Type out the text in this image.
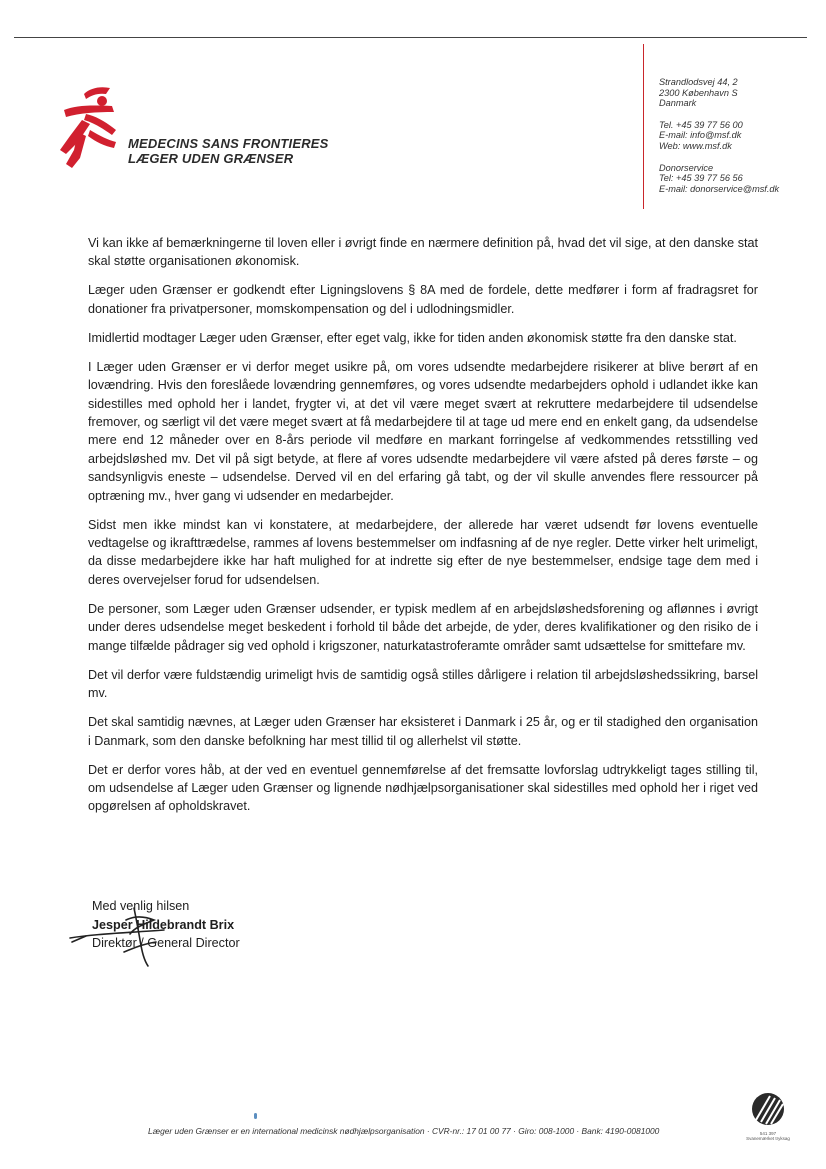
MEDECINS SANS FRONTIERES
LÆGER UDEN GRÆNSER
Strandlodsvej 44, 2
2300 København S
Danmark
Tel. +45 39 77 56 00
E-mail: info@msf.dk
Web: www.msf.dk
Donorservice
Tel: +45 39 77 56 56
E-mail: donorservice@msf.dk

Vi kan ikke af bemærkningerne til loven eller i øvrigt finde en nærmere definition på, hvad det vil sige, at den danske stat skal støtte organisationen økonomisk.

Læger uden Grænser er godkendt efter Ligningslovens § 8A med de fordele, dette medfører i form af fradragsret for donationer fra privatpersoner, momskompensation og del i udlodningsmidler.

Imidlertid modtager Læger uden Grænser, efter eget valg, ikke for tiden anden økonomisk støtte fra den danske stat.

I Læger uden Grænser er vi derfor meget usikre på, om vores udsendte medarbejdere risikerer at blive berørt af en lovændring. Hvis den foreslåede lovændring gennemføres, og vores udsendte medarbejders ophold i udlandet ikke kan sidestilles med ophold her i landet, frygter vi, at det vil være meget svært at rekruttere medarbejdere til udsendelse fremover, og særligt vil det være meget svært at få medarbejdere til at tage ud mere end en enkelt gang, da udsendelse mere end 12 måneder over en 8-års periode vil medføre en markant forringelse af vedkommendes retsstilling ved arbejdsløshed mv. Det vil på sigt betyde, at flere af vores udsendte medarbejdere vil være afsted på deres første – og sandsynligvis eneste – udsendelse. Derved vil en del erfaring gå tabt, og der vil skulle anvendes flere ressourcer på optræning mv., hver gang vi udsender en medarbejder.

Sidst men ikke mindst kan vi konstatere, at medarbejdere, der allerede har været udsendt før lovens eventuelle vedtagelse og ikrafttrædelse, rammes af lovens bestemmelser om indfasning af de nye regler. Dette virker helt urimeligt, da disse medarbejdere ikke har haft mulighed for at indrette sig efter de nye bestemmelser, endsige tage dem med i deres overvejelser forud for udsendelsen.

De personer, som Læger uden Grænser udsender, er typisk medlem af en arbejdsløshedsforening og aflønnes i øvrigt under deres udsendelse meget beskedent i forhold til både det arbejde, de yder, deres kvalifikationer og den risiko de i mange tilfælde pådrager sig ved ophold i krigszoner, naturkatastroferamte områder samt udsættelse for smittefare mv.

Det vil derfor være fuldstændig urimeligt hvis de samtidig også stilles dårligere i relation til arbejdsløshedssikring, barsel mv.

Det skal samtidig nævnes, at Læger uden Grænser har eksisteret i Danmark i 25 år, og er til stadighed den organisation i Danmark, som den danske befolkning har mest tillid til og allerhelst vil støtte.

Det er derfor vores håb, at der ved en eventuel gennemførelse af det fremsatte lovforslag udtrykkeligt tages stilling til, om udsendelse af Læger uden Grænser og lignende nødhjælpsorganisationer skal sidestilles med ophold her i riget ved opgørelsen af opholdskravet.

Med venlig hilsen
Jesper Hildebrandt Brix
Direktør / General Director
Læger uden Grænser er en international medicinsk nødhjælpsorganisation · CVR-nr.: 17 01 00 77 · Giro: 008-1000 · Bank: 4190-0081000	541 397
Svanemærket tryksag
